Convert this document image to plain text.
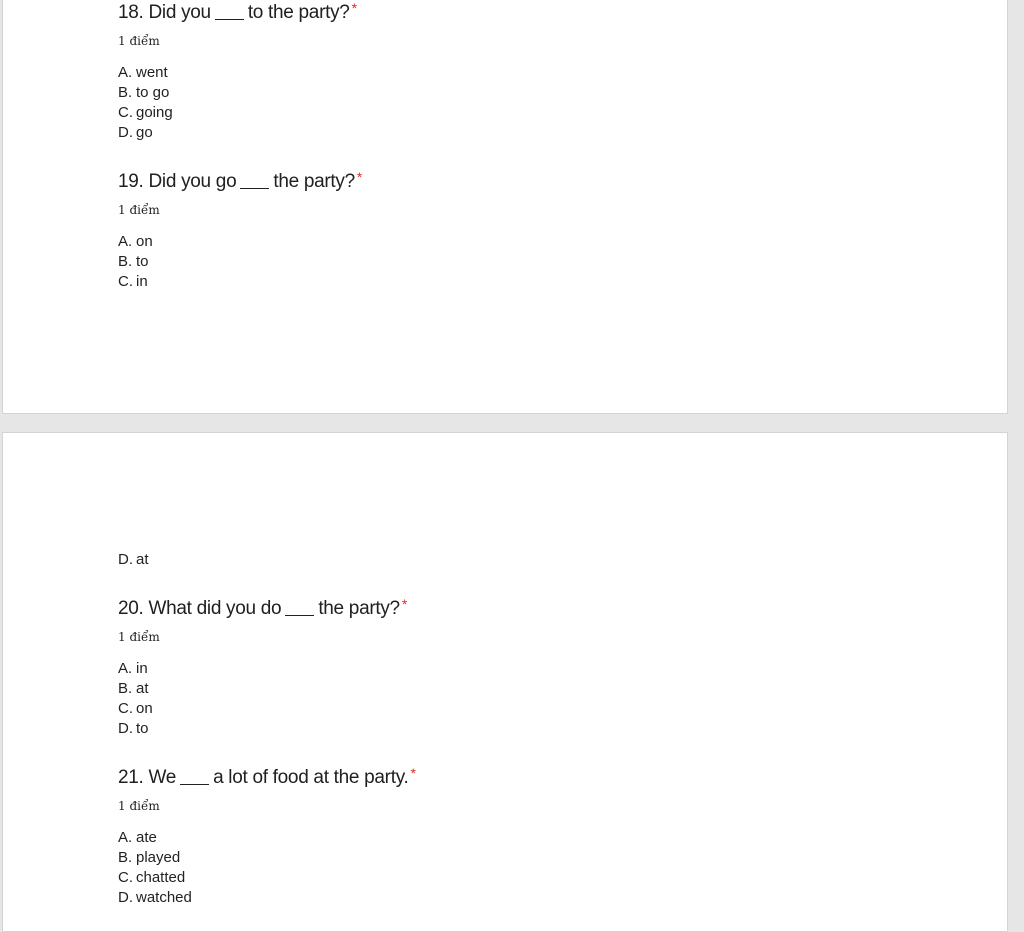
18. Did you to the party? *
1 điểm
A. went
B. to go
C. going
D. go
19. Did you go the party? *
1 điểm
A. on
B. to
C. in
D. at
20. What did you do the party? *
1 điểm
A. in
B. at
C. on
D. to
21. We a lot of food at the party. *
1 điểm
A. ate
B. played
C. chatted
D. watched
